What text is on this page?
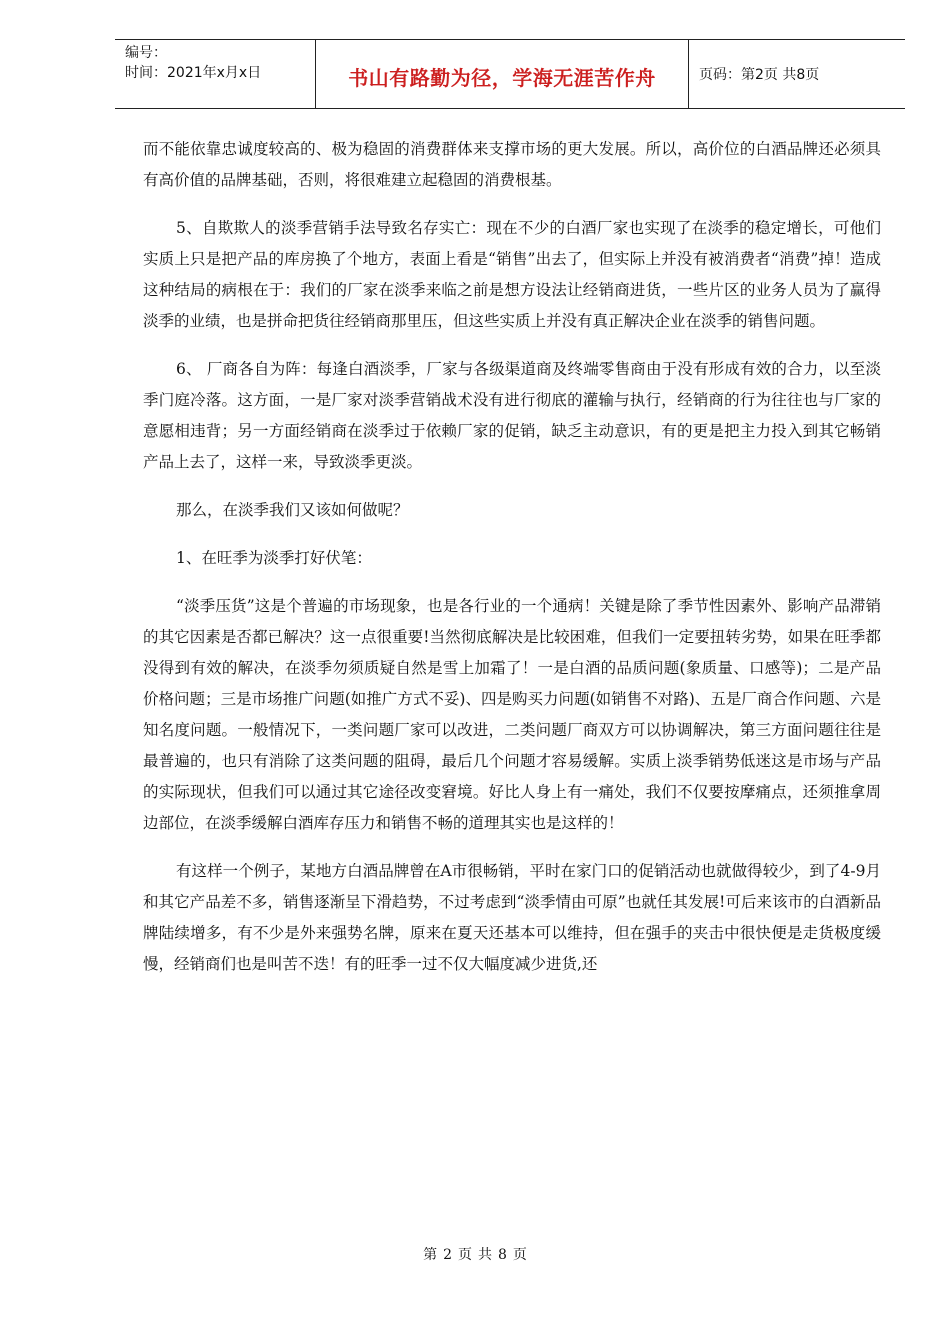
编号：
时间：2021年x月x日	书山有路勤为径，学海无涯苦作舟	页码：第2页 共8页

而不能依靠忠诚度较高的、极为稳固的消费群体来支撑市场的更大发展。所以，高价位的白酒品牌还必须具有高价值的品牌基础，否则，将很难建立起稳固的消费根基。

5、自欺欺人的淡季营销手法导致名存实亡：现在不少的白酒厂家也实现了在淡季的稳定增长，可他们实质上只是把产品的库房换了个地方，表面上看是“销售”出去了，但实际上并没有被消费者“消费”掉！造成这种结局的病根在于：我们的厂家在淡季来临之前是想方设法让经销商进货，一些片区的业务人员为了赢得淡季的业绩，也是拼命把货往经销商那里压，但这些实质上并没有真正解决企业在淡季的销售问题。

6、 厂商各自为阵：每逢白酒淡季，厂家与各级渠道商及终端零售商由于没有形成有效的合力，以至淡季门庭冷落。这方面，一是厂家对淡季营销战术没有进行彻底的灌输与执行，经销商的行为往往也与厂家的意愿相违背；另一方面经销商在淡季过于依赖厂家的促销，缺乏主动意识，有的更是把主力投入到其它畅销产品上去了，这样一来，导致淡季更淡。

那么，在淡季我们又该如何做呢？

1、在旺季为淡季打好伏笔：

“淡季压货”这是个普遍的市场现象，也是各行业的一个通病！关键是除了季节性因素外、影响产品滞销的其它因素是否都已解决？这一点很重要!当然彻底解决是比较困难，但我们一定要扭转劣势，如果在旺季都没得到有效的解决，在淡季勿须质疑自然是雪上加霜了！一是白酒的品质问题(象质量、口感等)；二是产品价格问题；三是市场推广问题(如推广方式不妥)、四是购买力问题(如销售不对路)、五是厂商合作问题、六是知名度问题。一般情况下，一类问题厂家可以改进，二类问题厂商双方可以协调解决，第三方面问题往往是最普遍的，也只有消除了这类问题的阻碍，最后几个问题才容易缓解。实质上淡季销势低迷这是市场与产品的实际现状，但我们可以通过其它途径改变窘境。好比人身上有一痛处，我们不仅要按摩痛点，还须推拿周边部位，在淡季缓解白酒库存压力和销售不畅的道理其实也是这样的！

有这样一个例子，某地方白酒品牌曾在A市很畅销，平时在家门口的促销活动也就做得较少，到了4-9月和其它产品差不多，销售逐渐呈下滑趋势，不过考虑到“淡季情由可原”也就任其发展!可后来该市的白酒新品牌陆续增多，有不少是外来强势名牌，原来在夏天还基本可以维持，但在强手的夹击中很快便是走货极度缓慢，经销商们也是叫苦不迭！有的旺季一过不仅大幅度减少进货,还

第 2 页 共 8 页
